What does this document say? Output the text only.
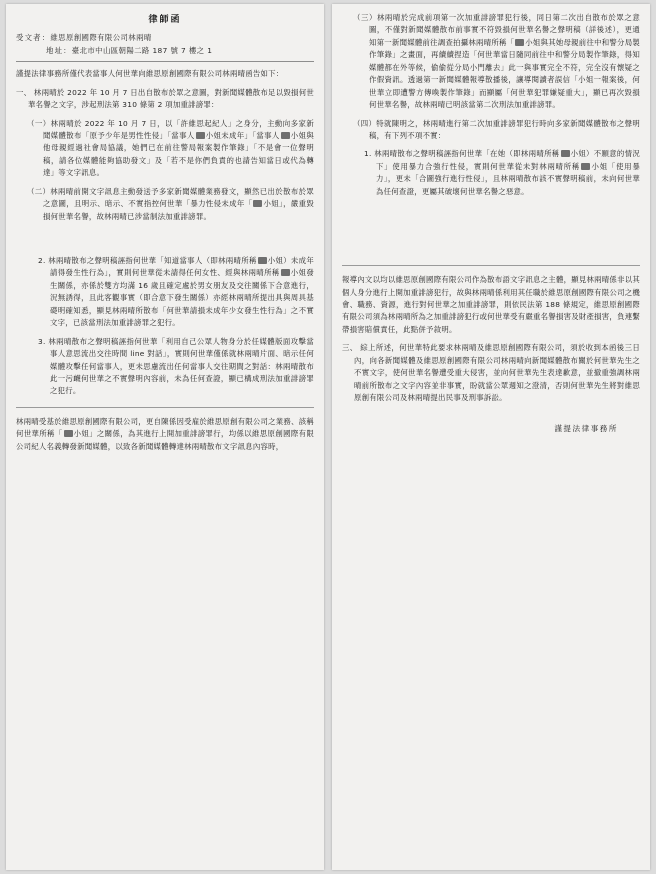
律師函
受文者：維思原創國際有限公司林兩晴
地址：臺北市中山區朝陽二路 187 號 7 樓之 1

謹提法律事務所僅代表當事人何世華向維思原創國際有限公司林兩晴函告如下：

一、 林兩晴於 2022 年 10 月 7 日出自散布於眾之意圖，對新聞媒體散布足以毀損何世華名譽之文字，涉起刑法第 310 條第 2 項加重誹謗罪：

（一）林兩晴於 2022 年 10 月 7 日，以「許維思起紀人」之身分，主動向多家新聞媒體散布「原予少年是男性性侵」「當事人 小姐未成年」「當事人 小姐與他母親經過社會局協議，她們已在前往警局報案製作筆錄」「不是會一位聲明稿，請各位媒體能夠協助發文」及「若不是你們負責的也請告知當日或代為轉達」等文字訊息。

（二）林兩晴前開文字訊息主動發送予多家新聞媒體業務發文，顯然已出於散布於眾之意圖，且明示、暗示、不實指控何世華「暴力性侵未成年「 小姐」，嚴重毀損何世華名譽，故林兩晴已涉當制法加重誹謗罪。

2. 林兩晴散布之聲明稿誣指何世華「知道當事人（即林兩晴所稱 小姐）未成年請得發生性行為」，實則何世華從未請得任何女性、經與林兩晴所稱 小姐發生關係，亦係於雙方均滿 16 歲且確定處於男女朋友及交往關係下合意進行，況無誘得，且此客觀事實（即合意下發生關係）亦經林兩晴所提出具與周具基礎明確知悉，顯見林兩晴所散布「何世華請損未成年少女發生性行為」之不實文字，已該當刑法加重誹謗罪之犯行。

3. 林兩晴散布之聲明稿誣指何世華「利用自己公眾人物身分於任媒體版面攻擊當事人意思流出交往時間 line 對話」，實則何世華僅係就林兩晴片面、暗示任何媒體攻擊任何當事人，更未思慮流出任何當事人交往期間之對話：林兩晴散布此一污衊何世華之不實聲明內容前，未為任何查證，顯已構成刑法加重誹謗罪之犯行。

林兩晴受基於維思原創國際有限公司，更自陳係因受雇於維思原創有限公司之業務、該稱何世華所稱「 小姐」之關係，為其進行上開加重誹謗罪行，均係以維思原創國際有限公司紀人名義轉發新聞媒體，以致各新聞媒體轉達林兩晴散布文字訊息內容時，

（三）林兩晴於完成前項第一次加重誹謗罪犯行後，同日第二次出自散布於眾之意圖，不僅對新聞媒體散布前事實不符毀損何世華名譽之聲明稿（詳後述），更通知第一新聞媒體前往調查拍攝林兩晴所稱「 小姐與其她母親前往中和警分局製作筆錄」之畫面，再續續捏造「何世華當日隨同前往中和警分局製作筆錄，得知媒體都在外等候，偷偷從分局小門離去」此一與事實完全不符，完全沒有懷疑之作假資訊。透過第一新聞媒體報導散播後，讓導閱讀者誤信「小姐一報案後，何世華立即遭警方傳喚製作筆錄」而顯屬「何世華犯罪嫌疑重大」，顯已再次毀損何世華名譽，故林兩晴已明該當第二次刑法加重誹謗罪。

（四）特就陳明之，林兩晴進行第二次加重誹謗罪犯行時向多家新聞媒體散布之聲明稿，有下列不項不實：

1. 林兩晴散布之聲明稿誣指何世華「在她（即林兩晴所稱 小姐）不願意的情況下」使用暴力合強行性侵，實則何世華從未對林兩晴所稱 小姐「使用暴力」，更未「合圖強行進行性侵」，且林兩晴散布該不實聲明稿前，未向何世華為任何查證，更屬其破壞何世華名譽之惡意。

報導內文以均以維思原創國際有限公司作為散布語文字訊息之主體，顯見林兩晴係非以其個人身分進行上開加重誹謗犯行，故與林兩晴係利用其任職於維思原創國際有限公司之機會、職務、資源，進行對何世華之加重誹謗罪，則依民法第 188 條規定，維思原創國際有限公司須為林兩晴所為之加重誹謗犯行或何世華受有嚴重名譽損害及財產損害，負連繫帶損害賠償責任，此點併予敘明。

三、 綜上所述，何世華特此要求林兩晴及維思原創國際有限公司，須於收到本函後三日內，向各新聞媒體及維思原創國際有限公司林兩晴向新聞媒體散布關於何世華先生之不實文字，使何世華名譽遭受重大侵害，並向何世華先生表達歉意，並撤重強調林兩晴前所散布之文字內容並非事實，盼就當公眾週知之澄清，否則何世華先生將對維思原創有限公司及林兩晴提出民事及刑事訴訟。

謹提法律事務所
